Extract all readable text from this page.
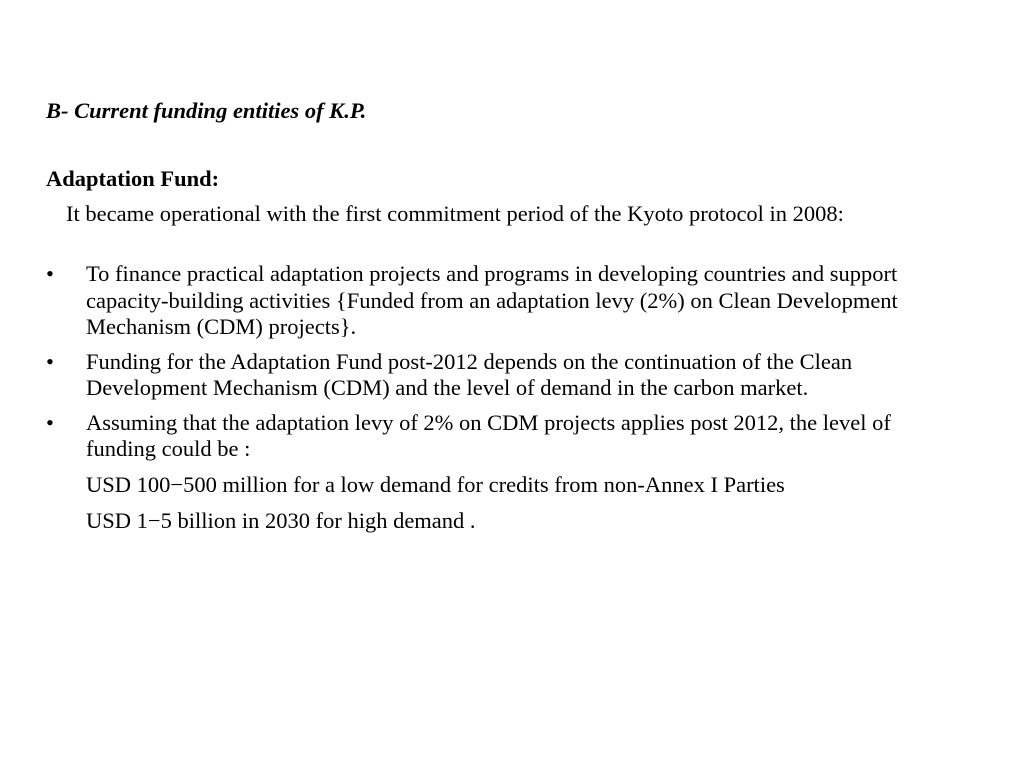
B- Current funding entities of K.P.
Adaptation Fund:
It became operational with the first commitment period of the Kyoto protocol in 2008:
• To finance practical adaptation projects and programs in developing countries and support capacity-building activities {Funded from an adaptation levy (2%) on Clean Development Mechanism (CDM) projects}.
• Funding for the Adaptation Fund post-2012 depends on the continuation of the Clean Development Mechanism (CDM) and the level of demand in the carbon market.
• Assuming that the adaptation levy of 2% on CDM projects applies post 2012, the level of funding could be :
USD 100−500 million for a low demand for credits from non-Annex I Parties
USD 1−5 billion in 2030 for high demand .
